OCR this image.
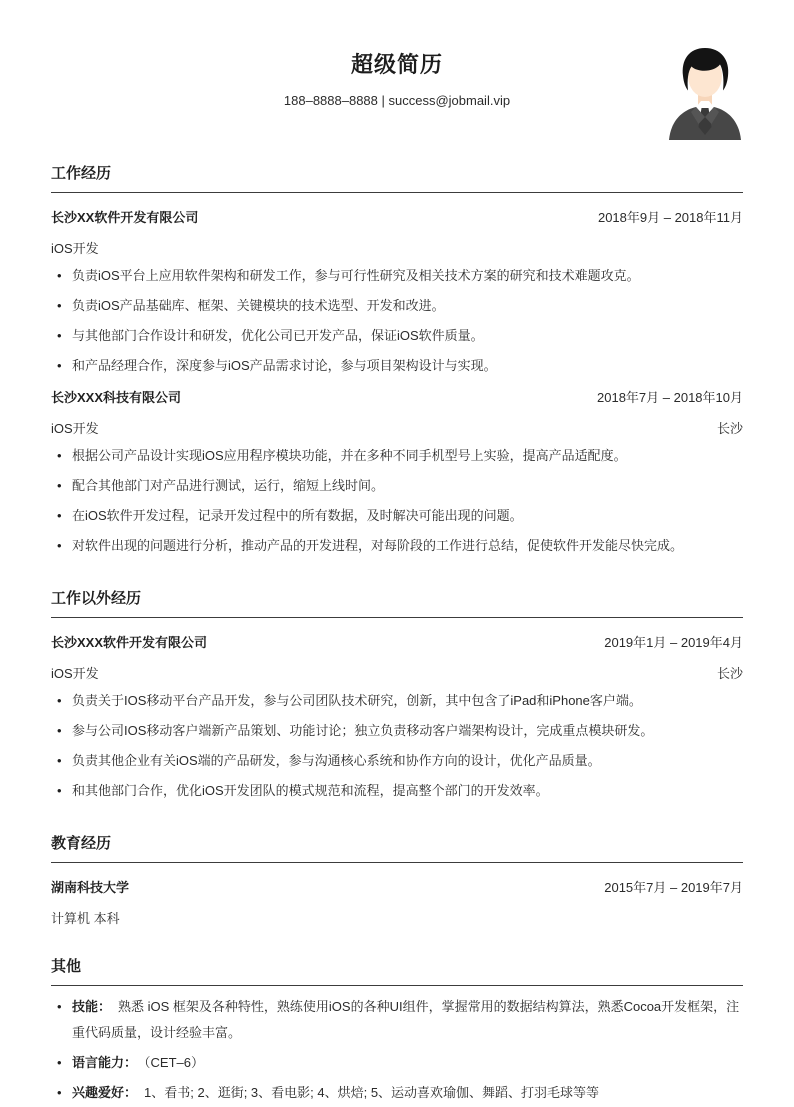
超级简历
188–8888–8888 | success@jobmail.vip
工作经历
长沙XX软件开发有限公司	2018年9月 – 2018年11月
iOS开发
• 负责iOS平台上应用软件架构和研发工作，参与可行性研究及相关技术方案的研究和技术难题攻克。
• 负责iOS产品基础库、框架、关键模块的技术选型、开发和改进。
• 与其他部门合作设计和研发，优化公司已开发产品，保证iOS软件质量。
• 和产品经理合作，深度参与iOS产品需求讨论，参与项目架构设计与实现。
长沙XXX科技有限公司	2018年7月 – 2018年10月
iOS开发	长沙
• 根据公司产品设计实现iOS应用程序模块功能，并在多种不同手机型号上实验，提高产品适配度。
• 配合其他部门对产品进行测试，运行，缩短上线时间。
• 在iOS软件开发过程，记录开发过程中的所有数据，及时解决可能出现的问题。
• 对软件出现的问题进行分析，推动产品的开发进程，对每阶段的工作进行总结，促使软件开发能尽快完成。
工作以外经历
长沙XXX软件开发有限公司	2019年1月 – 2019年4月
iOS开发	长沙
• 负责关于IOS移动平台产品开发，参与公司团队技术研究，创新，其中包含了iPad和iPhone客户端。
• 参与公司IOS移动客户端新产品策划、功能讨论；独立负责移动客户端架构设计，完成重点模块研发。
• 负责其他企业有关iOS端的产品研发，参与沟通核心系统和协作方向的设计，优化产品质量。
• 和其他部门合作，优化iOS开发团队的模式规范和流程，提高整个部门的开发效率。
教育经历
湖南科技大学	2015年7月 – 2019年7月
计算机 本科
其他
• 技能： 熟悉 iOS 框架及各种特性，熟练使用iOS的各种UI组件，掌握常用的数据结构算法，熟悉Cocoa开发框架，注重代码质量，设计经验丰富。
• 语言能力： （CET–6）
• 兴趣爱好： 1、看书; 2、逛街; 3、看电影; 4、烘焙; 5、运动喜欢瑜伽、舞蹈、打羽毛球等等
